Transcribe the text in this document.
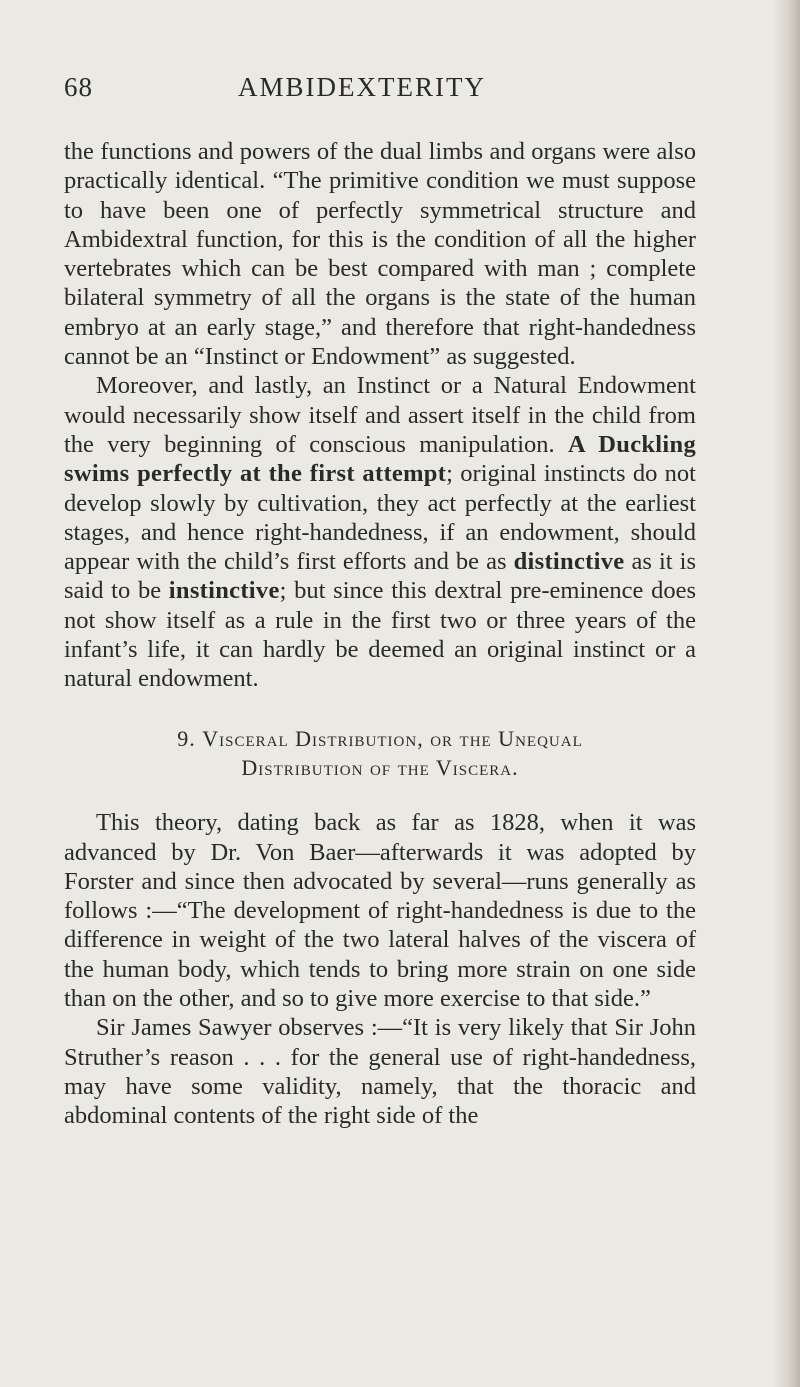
68	AMBIDEXTERITY

the functions and powers of the dual limbs and organs were also practically identical. “The primitive condition we must suppose to have been one of perfectly symmetrical structure and Ambidextral function, for this is the condition of all the higher vertebrates which can be best compared with man ; complete bilateral symmetry of all the organs is the state of the human embryo at an early stage,” and therefore that right-handedness cannot be an “Instinct or Endowment” as suggested.

Moreover, and lastly, an Instinct or a Natural Endowment would necessarily show itself and assert itself in the child from the very beginning of conscious manipulation. A Duckling swims perfectly at the first attempt; original instincts do not develop slowly by cultivation, they act perfectly at the earliest stages, and hence right-handedness, if an endowment, should appear with the child’s first efforts and be as distinctive as it is said to be instinctive; but since this dextral pre-eminence does not show itself as a rule in the first two or three years of the infant’s life, it can hardly be deemed an original instinct or a natural endowment.

9. Visceral Distribution, or the Unequal

Distribution of the Viscera.

This theory, dating back as far as 1828, when it was advanced by Dr. Von Baer—afterwards it was adopted by Forster and since then advocated by several—runs generally as follows :—“The development of right-handedness is due to the difference in weight of the two lateral halves of the viscera of the human body, which tends to bring more strain on one side than on the other, and so to give more exercise to that side.”

Sir James Sawyer observes :—“It is very likely that Sir John Struther’s reason . . . for the general use of right-handedness, may have some validity, namely, that the thoracic and abdominal contents of the right side of the
